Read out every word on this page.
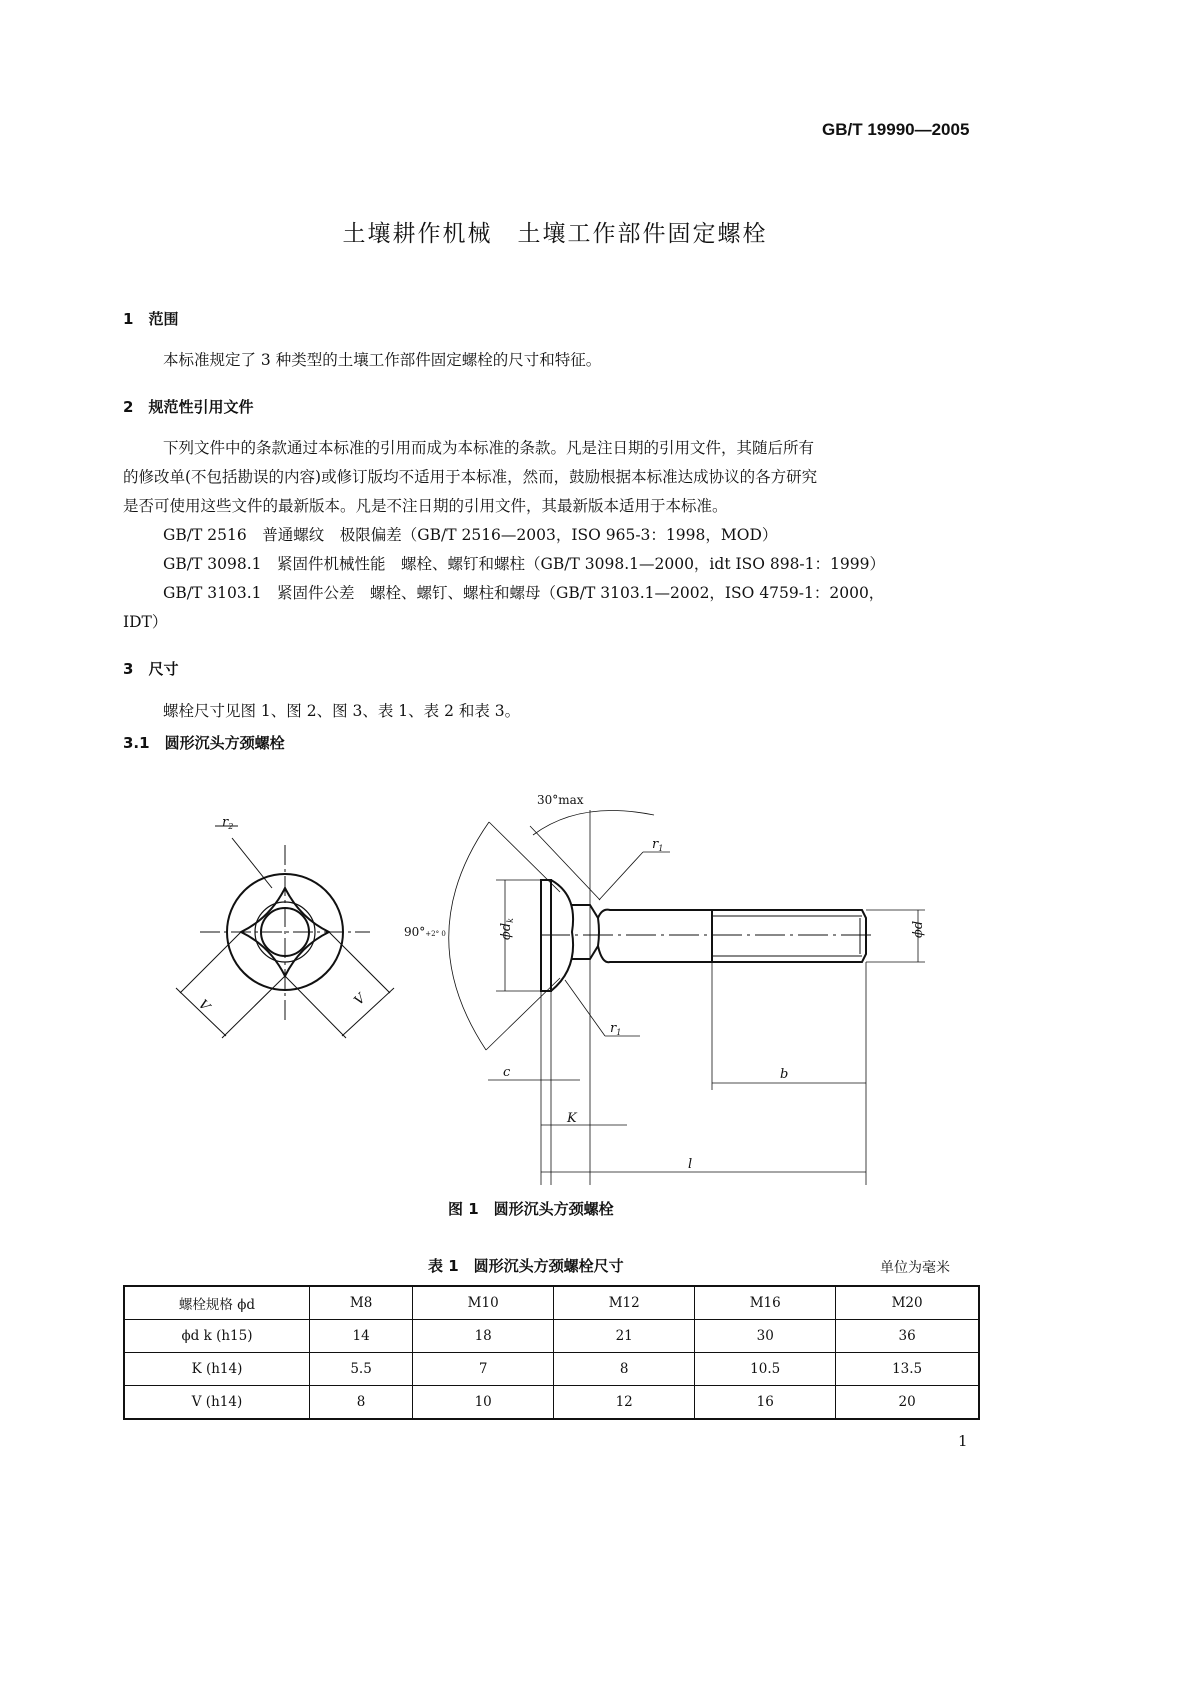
GB/T 19990—2005
土壤耕作机械　土壤工作部件固定螺栓
1　 范围
本标准规定了 3 种类型的土壤工作部件固定螺栓的尺寸和特征。
2　 规范性引用文件
下列文件中的条款通过本标准的引用而成为本标准的条款。凡是注日期的引用文件，其随后所有
的修改单(不包括勘误的内容)或修订版均不适用于本标准，然而，鼓励根据本标准达成协议的各方研究
是否可使用这些文件的最新版本。凡是不注日期的引用文件，其最新版本适用于本标准。
GB/T 2516　普通螺纹　极限偏差（GB/T 2516—2003，ISO 965-3：1998，MOD）
GB/T 3098.1　紧固件机械性能　螺栓、螺钉和螺柱（GB/T 3098.1—2000，idt ISO 898-1：1999）
GB/T 3103.1　紧固件公差　螺栓、螺钉、螺柱和螺母（GB/T 3103.1—2002，ISO 4759-1：2000，
IDT）
3　 尺寸
螺栓尺寸见图 1、图 2、图 3、表 1、表 2 和表 3。
3.1　 圆形沉头方颈螺栓
$r_2$
V	V
30°max
90°+2° 0	$\phi d_k$
ϕd
$r_1$
$r_1$
c	b
K
l
图 1　圆形沉头方颈螺栓
表 1　圆形沉头方颈螺栓尺寸	单位为毫米
螺栓规格 ϕd	M8	M10	M12	M16	M20
ϕd k (h15)	14	18	21	30	36
K (h14)	5.5	7	8	10.5	13.5
V (h14)	8	10	12	16	20
1
